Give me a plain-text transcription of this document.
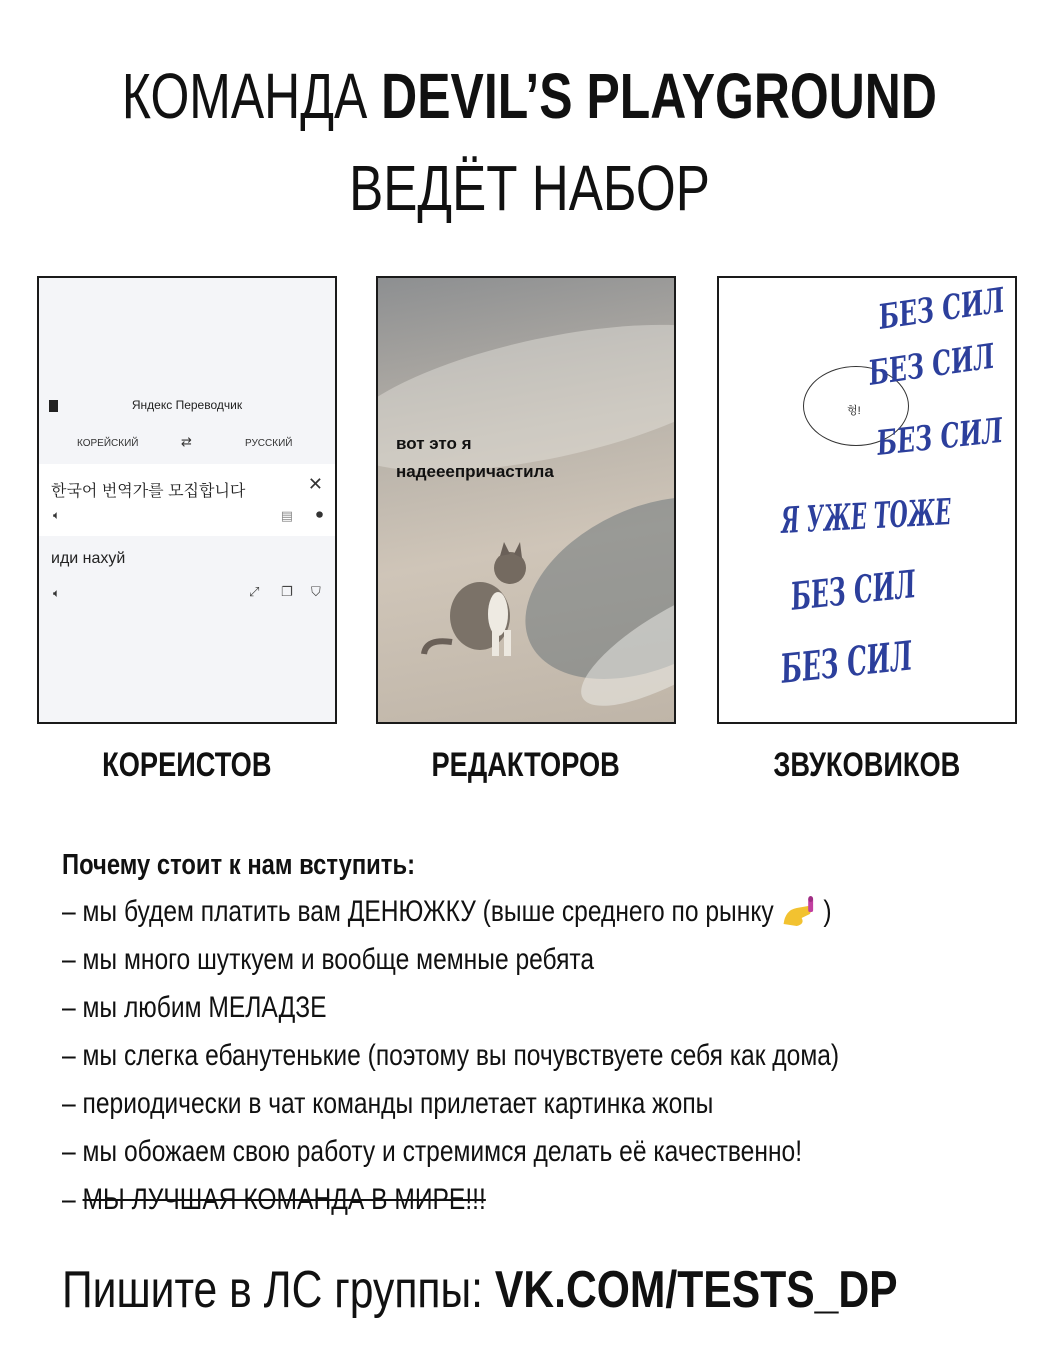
КОМАНДА DEVIL’S PLAYGROUND
ВЕДЁТ НАБОР
Яндекс Переводчик
КОРЕЙСКИЙ	⇄	РУССКИЙ
한국어 번역가를 모집합니다	✕
🔈︎	▤ ⏺
иди нахуй
🔈︎	⤢ ❐ ⛉
вот это я
надееепричастила
헝!
БЕЗ СИЛ
БЕЗ СИЛ
БЕЗ СИЛ
Я УЖЕ ТОЖЕ
БЕЗ СИЛ
БЕЗ СИЛ
КОРЕИСТОВ	РЕДАКТОРОВ	ЗВУКОВИКОВ
Почему стоит к нам вступить:
– мы будем платить вам ДЕНЮЖКУ (выше среднего по рынку )
– мы много шуткуем и вообще мемные ребята
– мы любим МЕЛАДЗЕ
– мы слегка ебанутенькие (поэтому вы почувствуете себя как дома)
– периодически в чат команды прилетает картинка жопы
– мы обожаем свою работу и стремимся делать её качественно!
– МЫ ЛУЧШАЯ КОМАНДА В МИРЕ!!!
Пишите в ЛС группы: VK.COM/TESTS_DP
